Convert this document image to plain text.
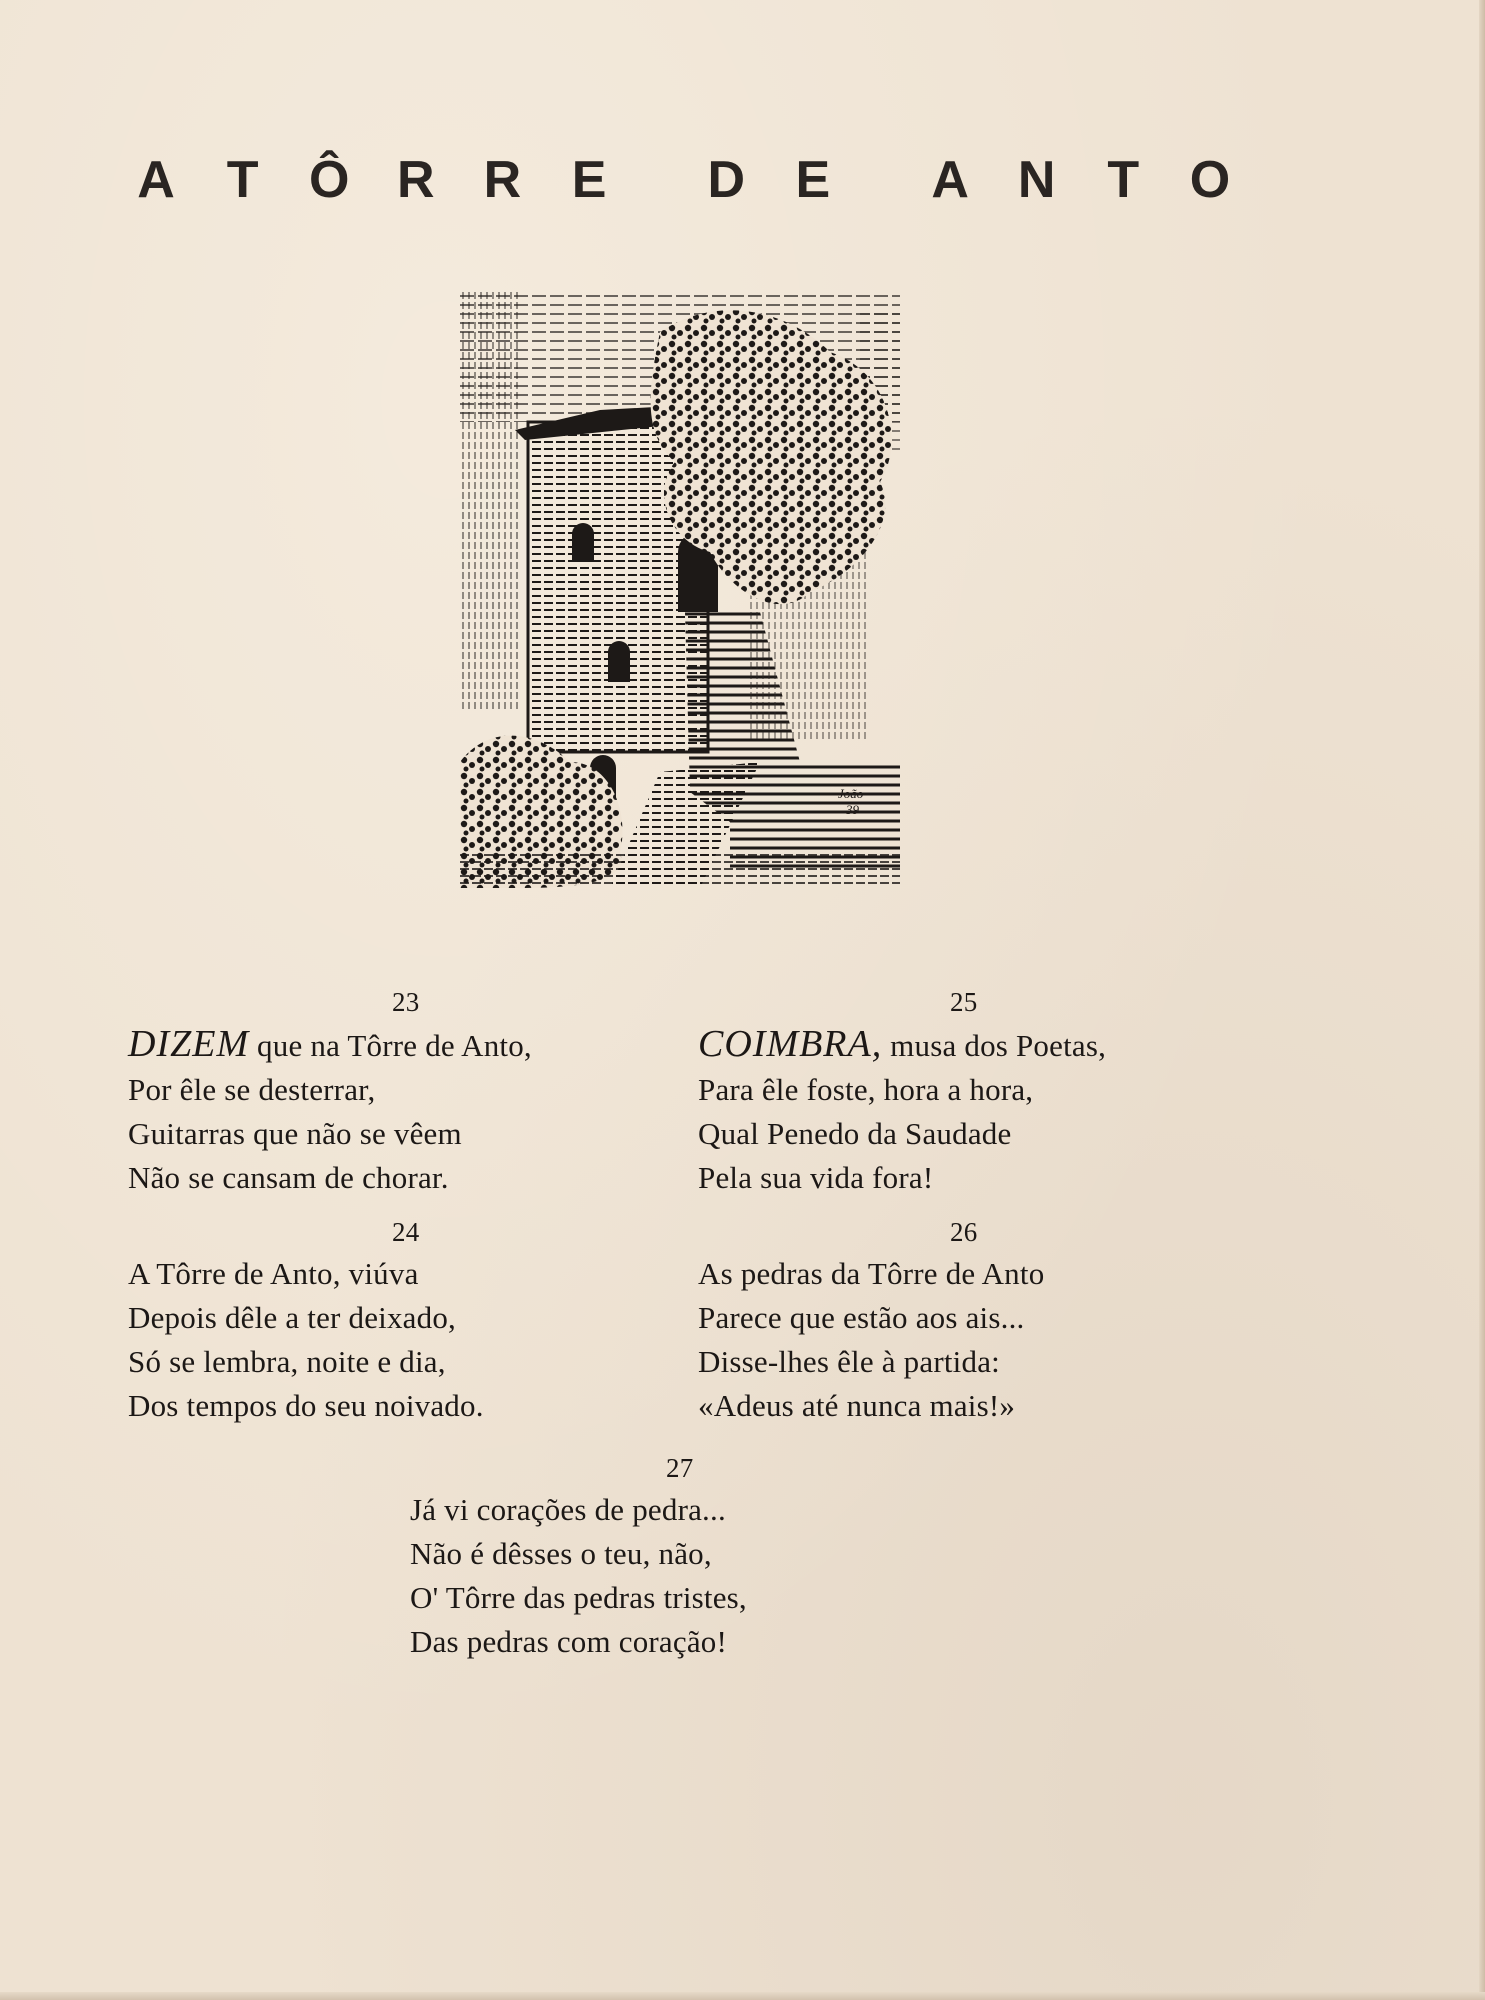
A T Ô R R E D E A N T O
João
39
23
DIZEM que na Tôrre de Anto,
Por êle se desterrar,
Guitarras que não se vêem
Não se cansam de chorar.
25
COIMBRA, musa dos Poetas,
Para êle foste, hora a hora,
Qual Penedo da Saudade
Pela sua vida fora!
24
A Tôrre de Anto, viúva
Depois dêle a ter deixado,
Só se lembra, noite e dia,
Dos tempos do seu noivado.
26
As pedras da Tôrre de Anto
Parece que estão aos ais...
Disse-lhes êle à partida:
«Adeus até nunca mais!»
27
Já vi corações de pedra...
Não é dêsses o teu, não,
O' Tôrre das pedras tristes,
Das pedras com coração!
